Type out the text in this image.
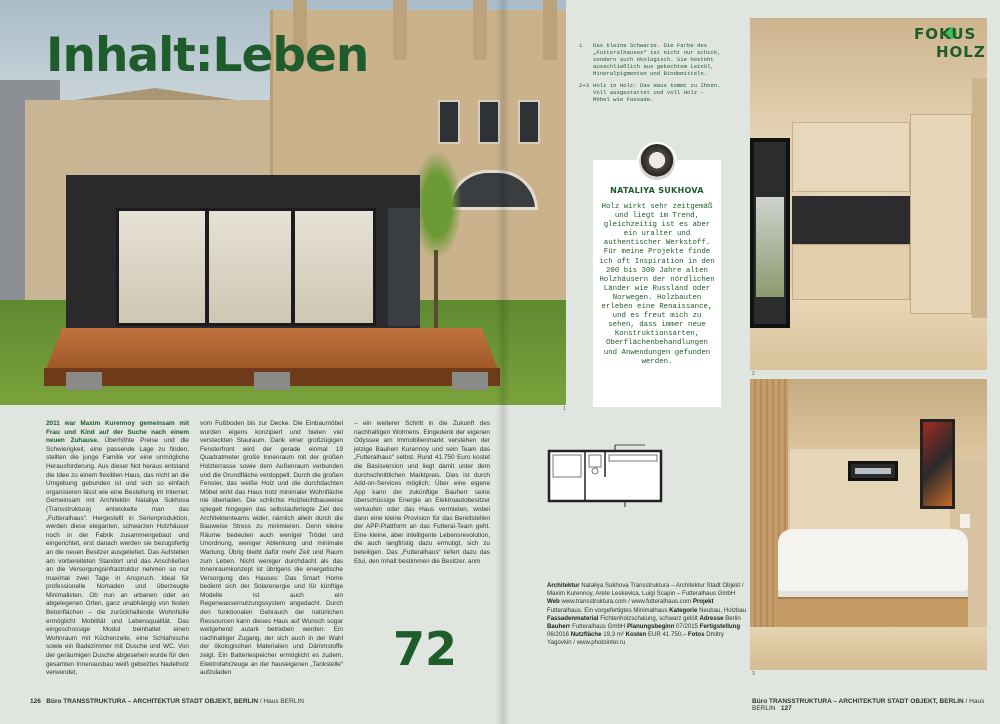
Inhalt:Leben
1
2011 war Maxim Kurennoy gemeinsam mit Frau und Kind auf der Suche nach einem neuen Zuhause. Überhöhte Preise und die Schwierigkeit, eine passende Lage zu finden, stellten die junge Familie vor eine unmögliche Herausforderung. Aus dieser Not heraus entstand die Idee zu einem flexiblen Haus, das nicht an die Umgebung gebunden ist und sich so einfach organisieren lässt wie eine Bestellung im Internet. Gemeinsam mit Architektin Nataliya Sukhova (Transstruktura) entwickelte man das „Futteralhaus“. Hergestellt in Serienproduktion, werden diese eleganten, schwarzen Holzhäuser noch in der Fabrik zusammengebaut und eingerichtet, erst danach werden sie bezugsfertig an die neuen Besitzer ausgeliefert. Das Aufstellen am vorbereiteten Standort und das Anschließen an die Versorgungsinfrastruktur nehmen so nur maximal zwei Tage in Anspruch. Ideal für professionelle Nomaden und überzeugte Minimalisten. Ob nun an urbanen oder an abgelegenen Orten, ganz unabhängig von festen Betonflächen – die zurückhaltende Wohnhülle ermöglicht Mobilität und Lebensqualität. Das eingeschossige Modul beinhaltet einen Wohnraum mit Küchenzeile, eine Schlafnische sowie ein Badezimmer mit Dusche und WC. Von der geräumigen Dusche abgesehen wurde für den gesamten Innenausbau weiß gebeiztes Nadelholz verwendet,
vom Fußboden bis zur Decke. Die Einbaumöbel wurden eigens konzipiert und bieten viel versteckten Stauraum. Dank einer großzügigen Fensterfront wird der gerade einmal 19 Quadratmeter große Innenraum mit der großen Holzterrasse sowie dem Außenraum verbunden und die Grundfläche verdoppelt. Durch die großen Fenster, das weiße Holz und die durchdachten Möbel wirkt das Haus trotz minimaler Wohnfläche nie überladen. Die schlichte Holzleichtbauweise spiegelt hingegen das selbstauferlegte Ziel des Architektenteams wider, nämlich allein durch die Bauweise Stress zu minimieren. Denn kleine Räume bedeuten auch weniger Trödel und Unordnung, weniger Ablenkung und minimale Wartung. Übrig bleibt dafür mehr Zeit und Raum zum Leben. Nicht weniger durchdacht als das Innenraumkonzept ist übrigens die energetische Versorgung des Hauses: Das Smart Home bedient sich der Solarenergie und für künftige Modelle ist auch ein Regenwassernutzungssystem angedacht. Durch den funktionalen Gebrauch der natürlichen Ressourcen kann dieses Haus auf Wunsch sogar weitgehend autark betrieben werden. Ein nachhaltiger Zugang, der sich auch in der Wahl der ökologischen Materialien und Dämmstoffe zeigt. Ein Batteriespeicher ermöglicht es zudem, Elektrofahrzeuge an der hauseigenen „Tankstelle“ aufzuladen
– ein weiterer Schritt in die Zukunft des nachhaltigen Wohnens. Eingedenk der eigenen Odyssee am Immobilienmarkt verstehen der jetzige Bauherr Kurennoy und sein Team das „Futteralhaus“ selbst. Rund 41.750 Euro kostet die Basisversion und liegt damit unter dem durchschnittlichen Marktpreis. Dies ist durch Add-on-Services möglich: Über eine eigene App kann der zukünftige Bauherr seine überschüssige Energie an Elektroautobesitzer verkaufen oder das Haus vermieten, wobei dann eine kleine Provision für das Bereitstellen der APP-Plattform an das Futteral-Team geht. Eine kleine, aber intelligente Lebensrevolution, die auch langfristig dazu ermutigt, sich zu beteiligen. Das „Futteralhaus“ liefert dazu das Etui, den Inhalt bestimmen die Besitzer. anm
72
126 Büro TRANSSTRUKTURA – ARCHITEKTUR STADT OBJEKT, BERLIN / Haus BERLIN

1 Das kleine Schwarze. Die Farbe des „Futteralhauses“ ist nicht nur schick, sondern auch ökologisch. Sie besteht ausschließlich aus gekochtem Leinöl, Mineralpigmenten und Bindemitteln.

2+3 Holz in Holz: Das Haus kommt zu Ihnen. Voll ausgestattet und voll Holz – Möbel wie Fassade.

NATALIYA SUKHOVA
Holz wirkt sehr zeitgemäß und liegt im Trend, gleichzeitig ist es aber ein uralter und authentischer Werkstoff. Für meine Projekte finde ich oft Inspiration in den 200 bis 300 Jahre alten Holzhäusern der nördlichen Länder wie Russland oder Norwegen. Holzbauten erleben eine Renaissance, und es freut mich zu sehen, dass immer neue Konstruktionsarten, Oberflächenbehandlungen und Anwendungen gefunden werden.
2
3
FOKUS
HOLZ
Architektur Nataliya Sukhova Transstruktura – Architektur Stadt Objekt / Maxim Kurennoy, Arete Leskevica, Luigi Scapin – Futteralhaus GmbH Web www.transstruktura.com / www.futteralhaus.com Projekt Futteralhaus. Ein vorgefertigtes Minimalhaus Kategorie Neubau, Holzbau Fassadenmaterial Fichtenholzschalung, schwarz gelölt Adresse Berlin Bauherr Futteralhaus GmbH Planungsbeginn 07/2015 Fertigstellung 06/2016 Nutzfläche 19,3 m² Kosten EUR 41.750,– Fotos Dmitry Yagovkin / www.photointer.ru
Büro TRANSSTRUKTURA – ARCHITEKTUR STADT OBJEKT, BERLIN / Haus BERLIN 127
